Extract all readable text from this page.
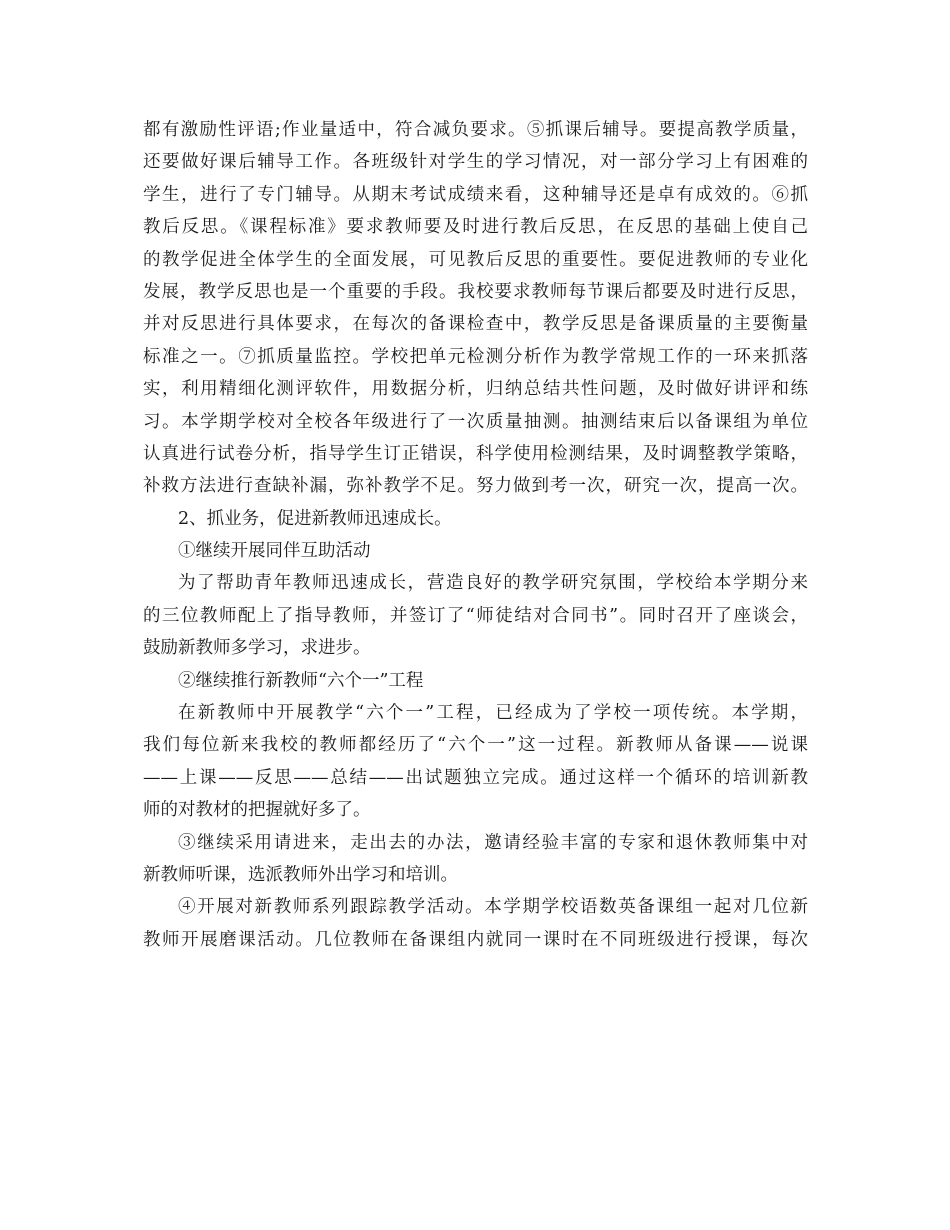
都有激励性评语;作业量适中，符合减负要求。⑤抓课后辅导。要提高教学质量，
还要做好课后辅导工作。各班级针对学生的学习情况，对一部分学习上有困难的
学生，进行了专门辅导。从期末考试成绩来看，这种辅导还是卓有成效的。⑥抓
教后反思。《课程标准》要求教师要及时进行教后反思，在反思的基础上使自己
的教学促进全体学生的全面发展，可见教后反思的重要性。要促进教师的专业化
发展，教学反思也是一个重要的手段。我校要求教师每节课后都要及时进行反思，
并对反思进行具体要求，在每次的备课检查中，教学反思是备课质量的主要衡量
标准之一。⑦抓质量监控。学校把单元检测分析作为教学常规工作的一环来抓落
实，利用精细化测评软件，用数据分析，归纳总结共性问题，及时做好讲评和练
习。本学期学校对全校各年级进行了一次质量抽测。抽测结束后以备课组为单位
认真进行试卷分析，指导学生订正错误，科学使用检测结果，及时调整教学策略，
补救方法进行查缺补漏，弥补教学不足。努力做到考一次，研究一次，提高一次。
2、抓业务，促进新教师迅速成长。
①继续开展同伴互助活动
为了帮助青年教师迅速成长，营造良好的教学研究氛围，学校给本学期分来
的三位教师配上了指导教师，并签订了“师徒结对合同书”。同时召开了座谈会，
鼓励新教师多学习，求进步。
②继续推行新教师“六个一”工程
在新教师中开展教学“六个一”工程，已经成为了学校一项传统。本学期，
我们每位新来我校的教师都经历了“六个一”这一过程。新教师从备课——说课
——上课——反思——总结——出试题独立完成。通过这样一个循环的培训新教
师的对教材的把握就好多了。
③继续采用请进来，走出去的办法，邀请经验丰富的专家和退休教师集中对
新教师听课，选派教师外出学习和培训。
④开展对新教师系列跟踪教学活动。本学期学校语数英备课组一起对几位新
教师开展磨课活动。几位教师在备课组内就同一课时在不同班级进行授课，每次
